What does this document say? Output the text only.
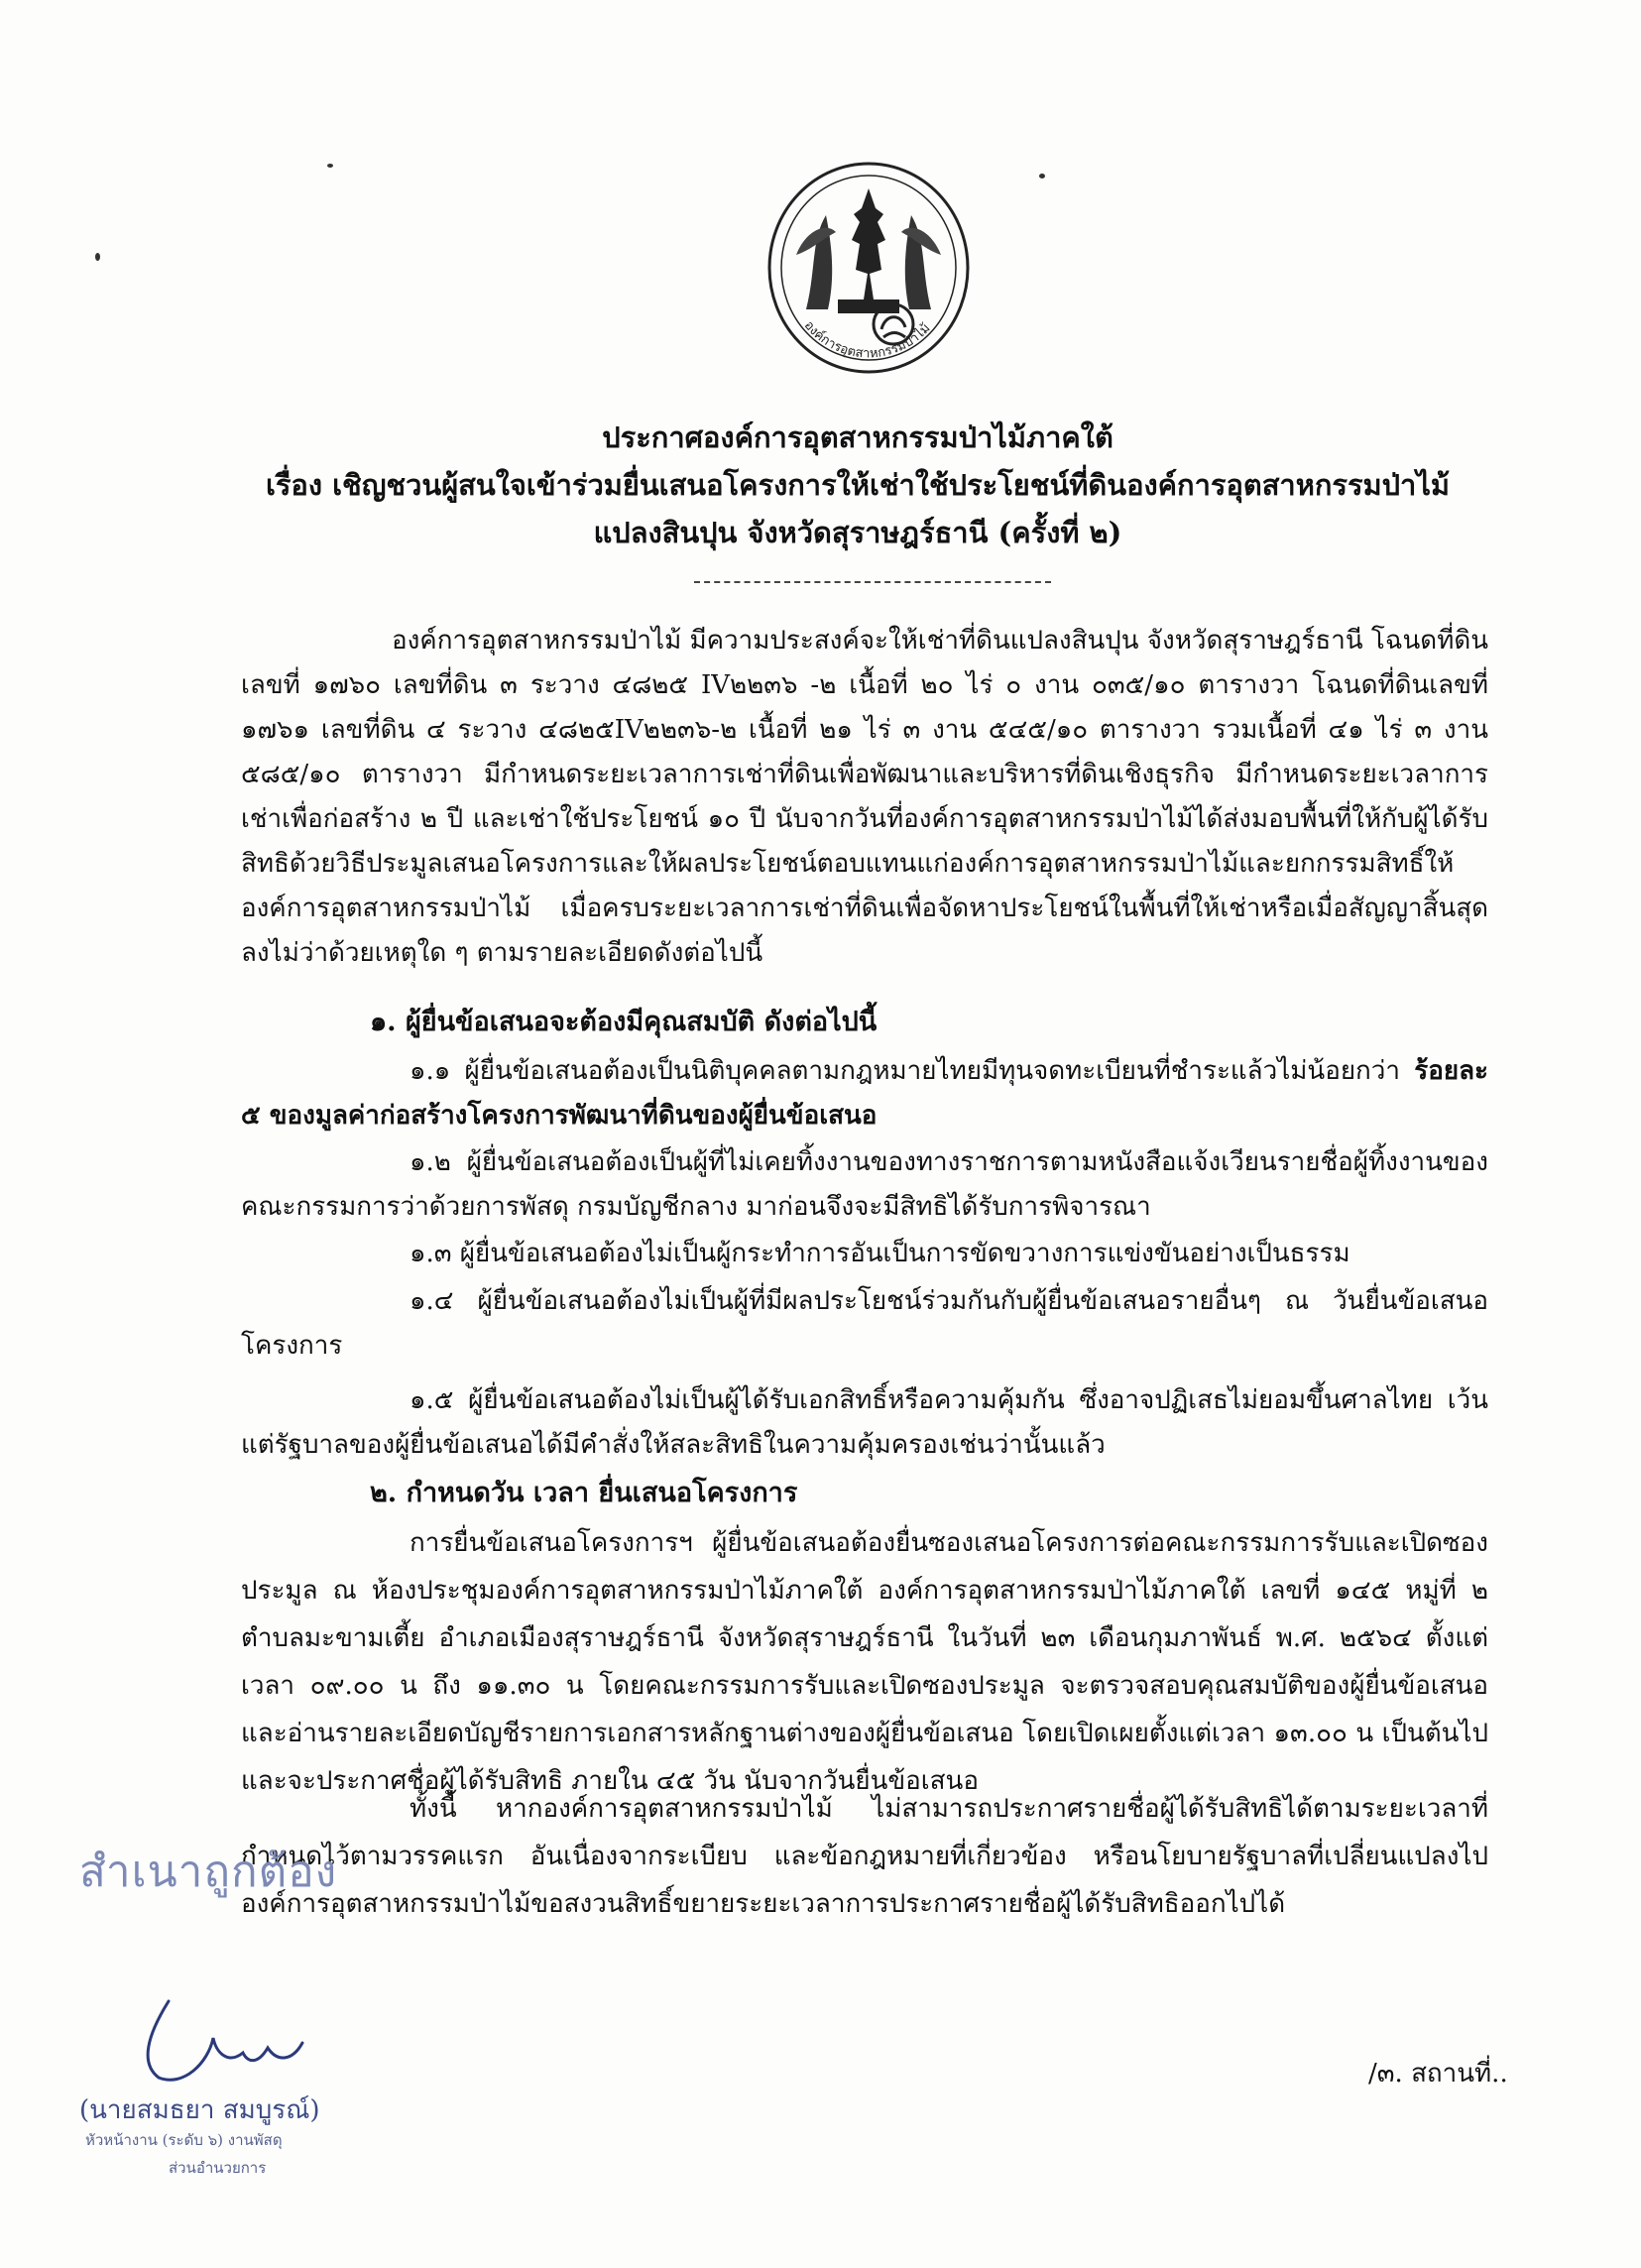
องค์การอุตสาหกรรมป่าไม้
ประกาศองค์การอุตสาหกรรมป่าไม้ภาคใต้
เรื่อง เชิญชวนผู้สนใจเข้าร่วมยื่นเสนอโครงการให้เช่าใช้ประโยชน์ที่ดินองค์การอุตสาหกรรมป่าไม้
แปลงสินปุน จังหวัดสุราษฎร์ธานี (ครั้งที่ ๒)
องค์การอุตสาหกรรมป่าไม้ มีความประสงค์จะให้เช่าที่ดินแปลงสินปุน จังหวัดสุราษฎร์ธานี โฉนดที่ดินเลขที่ ๑๗๖๐ เลขที่ดิน ๓ ระวาง ๔๘๒๕ IV๒๒๓๖ -๒ เนื้อที่ ๒๐ ไร่ ๐ งาน ๐๓๕/๑๐ ตารางวา โฉนดที่ดินเลขที่ ๑๗๖๑ เลขที่ดิน ๔ ระวาง ๔๘๒๕IV๒๒๓๖-๒ เนื้อที่ ๒๑ ไร่ ๓ งาน ๕๔๕/๑๐ ตารางวา รวมเนื้อที่ ๔๑ ไร่ ๓ งาน ๕๘๕/๑๐ ตารางวา มีกำหนดระยะเวลาการเช่าที่ดินเพื่อพัฒนาและบริหารที่ดินเชิงธุรกิจ มีกำหนดระยะเวลาการเช่าเพื่อก่อสร้าง ๒ ปี และเช่าใช้ประโยชน์ ๑๐ ปี นับจากวันที่องค์การอุตสาหกรรมป่าไม้ได้ส่งมอบพื้นที่ให้กับผู้ได้รับสิทธิด้วยวิธีประมูลเสนอโครงการและให้ผลประโยชน์ตอบแทนแก่องค์การอุตสาหกรรมป่าไม้และยกกรรมสิทธิ์ให้ องค์การอุตสาหกรรมป่าไม้ เมื่อครบระยะเวลาการเช่าที่ดินเพื่อจัดหาประโยชน์ในพื้นที่ให้เช่าหรือเมื่อสัญญาสิ้นสุดลงไม่ว่าด้วยเหตุใด ๆ ตามรายละเอียดดังต่อไปนี้
๑. ผู้ยื่นข้อเสนอจะต้องมีคุณสมบัติ ดังต่อไปนี้
๑.๑ ผู้ยื่นข้อเสนอต้องเป็นนิติบุคคลตามกฎหมายไทยมีทุนจดทะเบียนที่ชำระแล้วไม่น้อยกว่า ร้อยละ ๕ ของมูลค่าก่อสร้างโครงการพัฒนาที่ดินของผู้ยื่นข้อเสนอ
๑.๒ ผู้ยื่นข้อเสนอต้องเป็นผู้ที่ไม่เคยทิ้งงานของทางราชการตามหนังสือแจ้งเวียนรายชื่อผู้ทิ้งงานของคณะกรรมการว่าด้วยการพัสดุ กรมบัญชีกลาง มาก่อนจึงจะมีสิทธิได้รับการพิจารณา
๑.๓ ผู้ยื่นข้อเสนอต้องไม่เป็นผู้กระทำการอันเป็นการขัดขวางการแข่งขันอย่างเป็นธรรม
๑.๔ ผู้ยื่นข้อเสนอต้องไม่เป็นผู้ที่มีผลประโยชน์ร่วมกันกับผู้ยื่นข้อเสนอรายอื่นๆ ณ วันยื่นข้อเสนอโครงการ
๑.๕ ผู้ยื่นข้อเสนอต้องไม่เป็นผู้ได้รับเอกสิทธิ์หรือความคุ้มกัน ซึ่งอาจปฏิเสธไม่ยอมขึ้นศาลไทย เว้นแต่รัฐบาลของผู้ยื่นข้อเสนอได้มีคำสั่งให้สละสิทธิในความคุ้มครองเช่นว่านั้นแล้ว
๒. กำหนดวัน เวลา ยื่นเสนอโครงการ
การยื่นข้อเสนอโครงการฯ ผู้ยื่นข้อเสนอต้องยื่นซองเสนอโครงการต่อคณะกรรมการรับและเปิดซองประมูล ณ ห้องประชุมองค์การอุตสาหกรรมป่าไม้ภาคใต้ องค์การอุตสาหกรรมป่าไม้ภาคใต้ เลขที่ ๑๔๕ หมู่ที่ ๒ ตำบลมะขามเตี้ย อำเภอเมืองสุราษฎร์ธานี จังหวัดสุราษฎร์ธานี ในวันที่ ๒๓ เดือนกุมภาพันธ์ พ.ศ. ๒๕๖๔ ตั้งแต่เวลา ๐๙.๐๐ น ถึง ๑๑.๓๐ น โดยคณะกรรมการรับและเปิดซองประมูล จะตรวจสอบคุณสมบัติของผู้ยื่นข้อเสนอ และอ่านรายละเอียดบัญชีรายการเอกสารหลักฐานต่างของผู้ยื่นข้อเสนอ โดยเปิดเผยตั้งแต่เวลา ๑๓.๐๐ น เป็นต้นไป และจะประกาศชื่อผู้ได้รับสิทธิ ภายใน ๔๕ วัน นับจากวันยื่นข้อเสนอ
ทั้งนี้ หากองค์การอุตสาหกรรมป่าไม้ ไม่สามารถประกาศรายชื่อผู้ได้รับสิทธิได้ตามระยะเวลาที่กำหนดไว้ตามวรรคแรก อันเนื่องจากระเบียบ และข้อกฎหมายที่เกี่ยวข้อง หรือนโยบายรัฐบาลที่เปลี่ยนแปลงไป องค์การอุตสาหกรรมป่าไม้ขอสงวนสิทธิ์ขยายระยะเวลาการประกาศรายชื่อผู้ได้รับสิทธิออกไปได้
สำเนาถูกต้อง
(นายสมธยา สมบูรณ์)
หัวหน้างาน (ระดับ ๖) งานพัสดุ
ส่วนอำนวยการ
/๓. สถานที่..
